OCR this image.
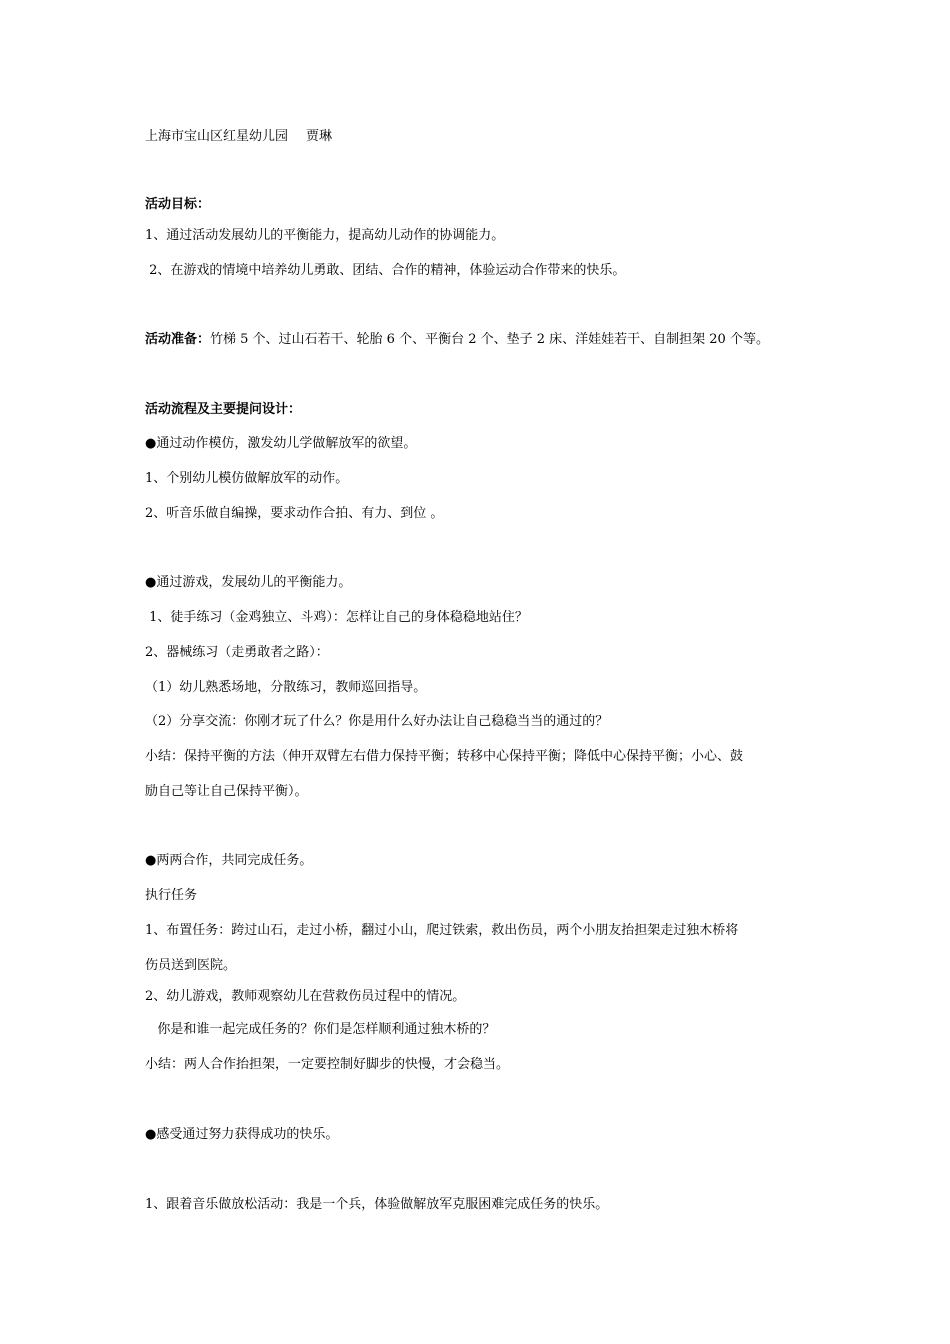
上海市宝山区红星幼儿园 贾琳
活动目标：
1、通过活动发展幼儿的平衡能力，提高幼儿动作的协调能力。
2、在游戏的情境中培养幼儿勇敢、团结、合作的精神，体验运动合作带来的快乐。
活动准备：竹梯 5 个、过山石若干、轮胎 6 个、平衡台 2 个、垫子 2 床、洋娃娃若干、自制担架 20 个等。
活动流程及主要提问设计：
●通过动作模仿，激发幼儿学做解放军的欲望。
1、个别幼儿模仿做解放军的动作。
2、听音乐做自编操，要求动作合拍、有力、到位 。
●通过游戏，发展幼儿的平衡能力。
1、徒手练习（金鸡独立、斗鸡）：怎样让自己的身体稳稳地站住？
2、器械练习（走勇敢者之路）：
（1）幼儿熟悉场地，分散练习，教师巡回指导。
（2）分享交流：你刚才玩了什么？你是用什么好办法让自己稳稳当当的通过的？
小结：保持平衡的方法（伸开双臂左右借力保持平衡；转移中心保持平衡；降低中心保持平衡；小心、鼓
励自己等让自己保持平衡）。
●两两合作，共同完成任务。
执行任务
1、布置任务：跨过山石，走过小桥，翻过小山，爬过铁索，救出伤员，两个小朋友抬担架走过独木桥将
伤员送到医院。
2、幼儿游戏，教师观察幼儿在营救伤员过程中的情况。
你是和谁一起完成任务的？你们是怎样顺利通过独木桥的？
小结：两人合作抬担架，一定要控制好脚步的快慢，才会稳当。
●感受通过努力获得成功的快乐。
1、跟着音乐做放松活动：我是一个兵，体验做解放军克服困难完成任务的快乐。
